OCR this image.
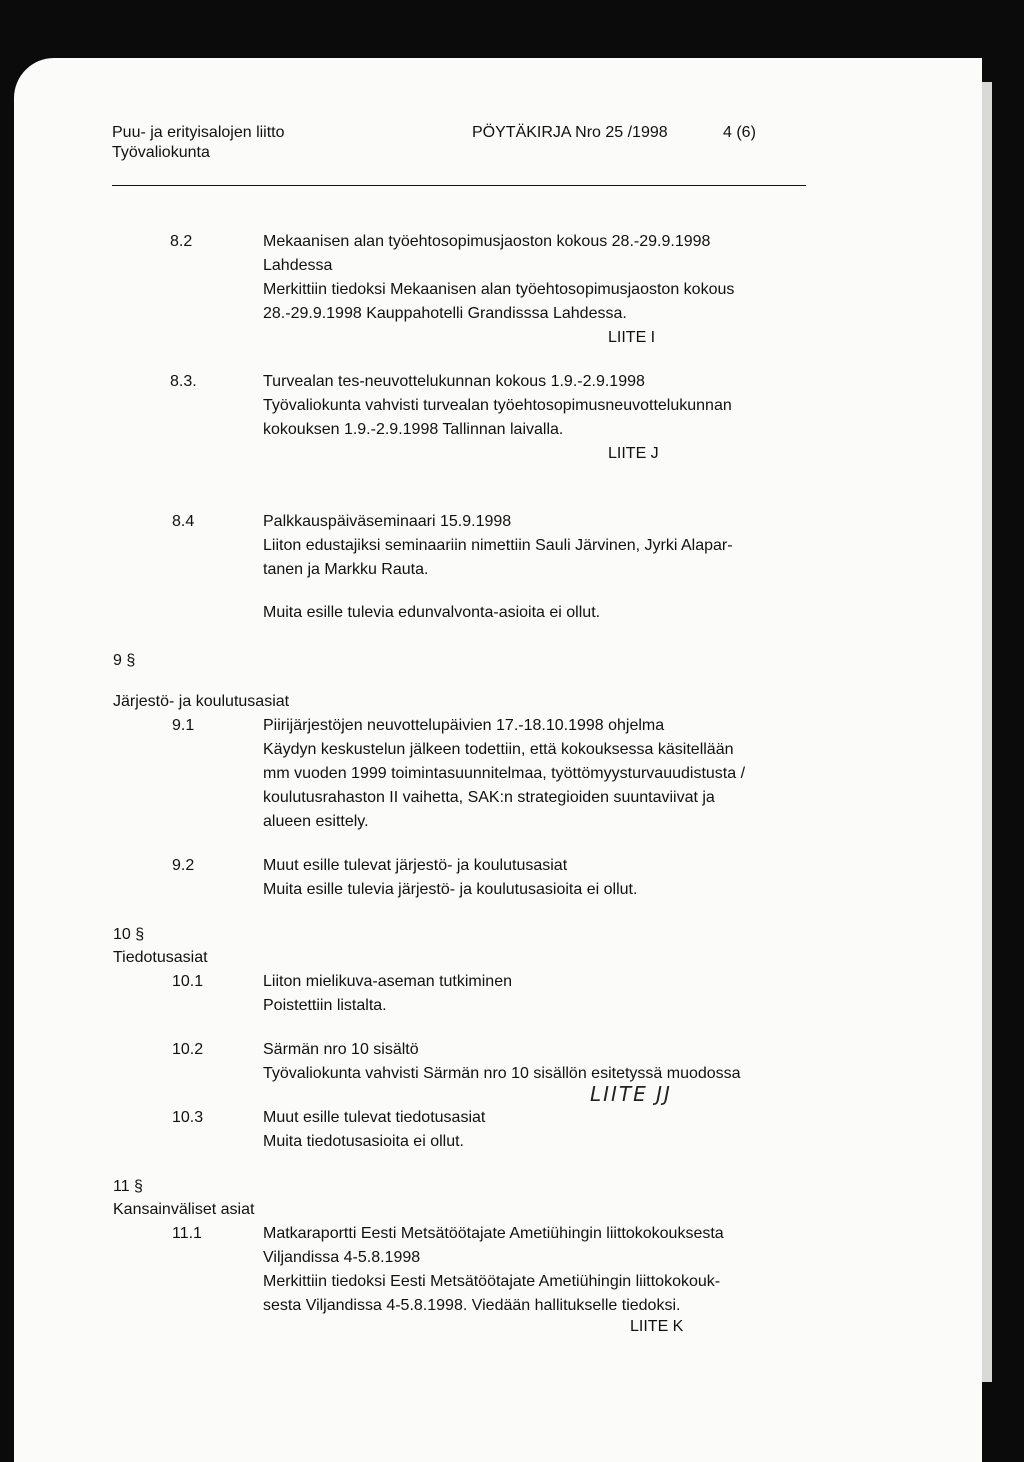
Puu- ja erityisalojen liitto
Työvaliokunta
PÖYTÄKIRJA Nro 25 /1998	4 (6)
8.2	Mekaanisen alan työehtosopimusjaoston kokous 28.-29.9.1998
Lahdessa
Merkittiin tiedoksi Mekaanisen alan työehtosopimusjaoston kokous
28.-29.9.1998 Kauppahotelli Grandisssa Lahdessa.
LIITE I
8.3.	Turvealan tes-neuvottelukunnan kokous 1.9.-2.9.1998
Työvaliokunta vahvisti turvealan työehtosopimusneuvottelukunnan
kokouksen 1.9.-2.9.1998 Tallinnan laivalla.
LIITE J
8.4	Palkkauspäiväseminaari 15.9.1998
Liiton edustajiksi seminaariin nimettiin Sauli Järvinen, Jyrki Alapar-
tanen ja Markku Rauta.
Muita esille tulevia edunvalvonta-asioita ei ollut.
9 §
Järjestö- ja koulutusasiat
9.1	Piirijärjestöjen neuvottelupäivien 17.-18.10.1998 ohjelma
Käydyn keskustelun jälkeen todettiin, että kokouksessa käsitellään
mm vuoden 1999 toimintasuunnitelmaa, työttömyysturvauudistusta /
koulutusrahaston II vaihetta, SAK:n strategioiden suuntaviivat ja
alueen esittely.
9.2	Muut esille tulevat järjestö- ja koulutusasiat
Muita esille tulevia järjestö- ja koulutusasioita ei ollut.
10 §
Tiedotusasiat
10.1	Liiton mielikuva-aseman tutkiminen
Poistettiin listalta.
10.2	Särmän nro 10 sisältö
Työvaliokunta vahvisti Särmän nro 10 sisällön esitetyssä muodossa
LIITE JJ
10.3	Muut esille tulevat tiedotusasiat
Muita tiedotusasioita ei ollut.
11 §
Kansainväliset asiat
11.1	Matkaraportti Eesti Metsätöötajate Ametiühingin liittokokouksesta
Viljandissa 4-5.8.1998
Merkittiin tiedoksi Eesti Metsätöötajate Ametiühingin liittokokouk-
sesta Viljandissa 4-5.8.1998. Viedään hallitukselle tiedoksi.
LIITE K
